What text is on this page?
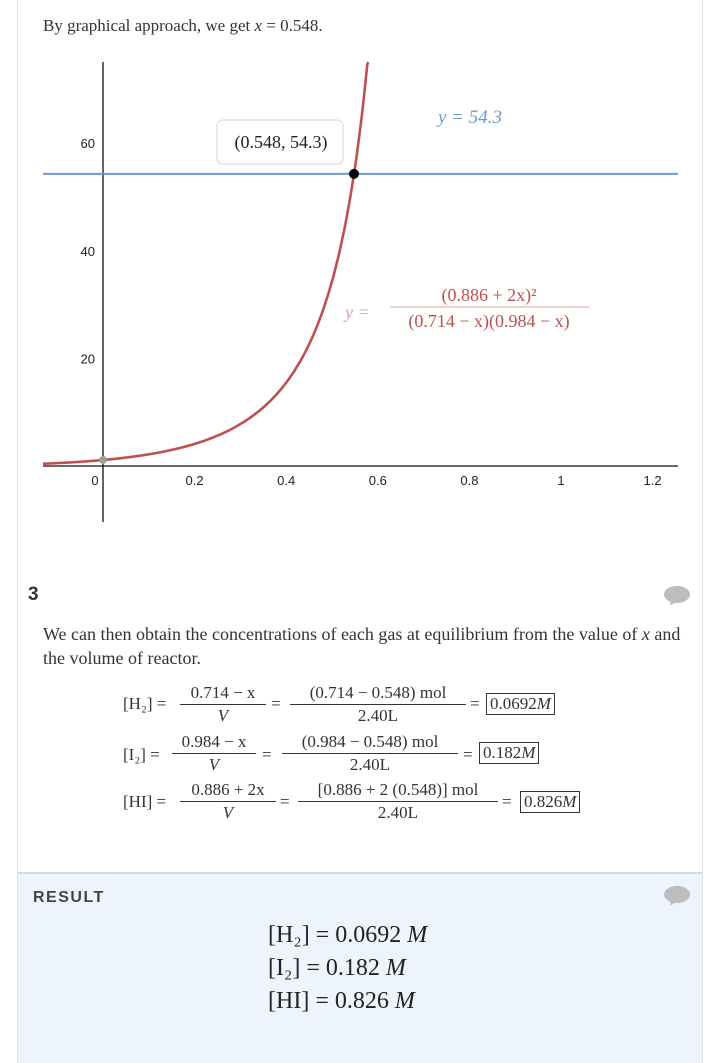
By graphical approach, we get x = 0.548.
0	0.2	0.4	0.6	0.8	1	1.2
20
40
60	(0.548, 54.3)
y = 54.3
y =
(0.886 + 2x)²
(0.714 − x)(0.984 − x)
3
We can then obtain the concentrations of each gas at equilibrium from the value of x and the volume of reactor.
[H₂] =
0.714 − x
V
=
(0.714 − 0.548) mol
2.40L
= 0.0692M
[I₂] =
0.984 − x
V
=
(0.984 − 0.548) mol
2.40L
= 0.182M
[HI] =
0.886 + 2x
V
=
[0.886 + 2 (0.548)] mol
2.40L
= 0.826M
RESULT
[H₂] = 0.0692 M
[I₂] = 0.182 M
[HI] = 0.826 M
